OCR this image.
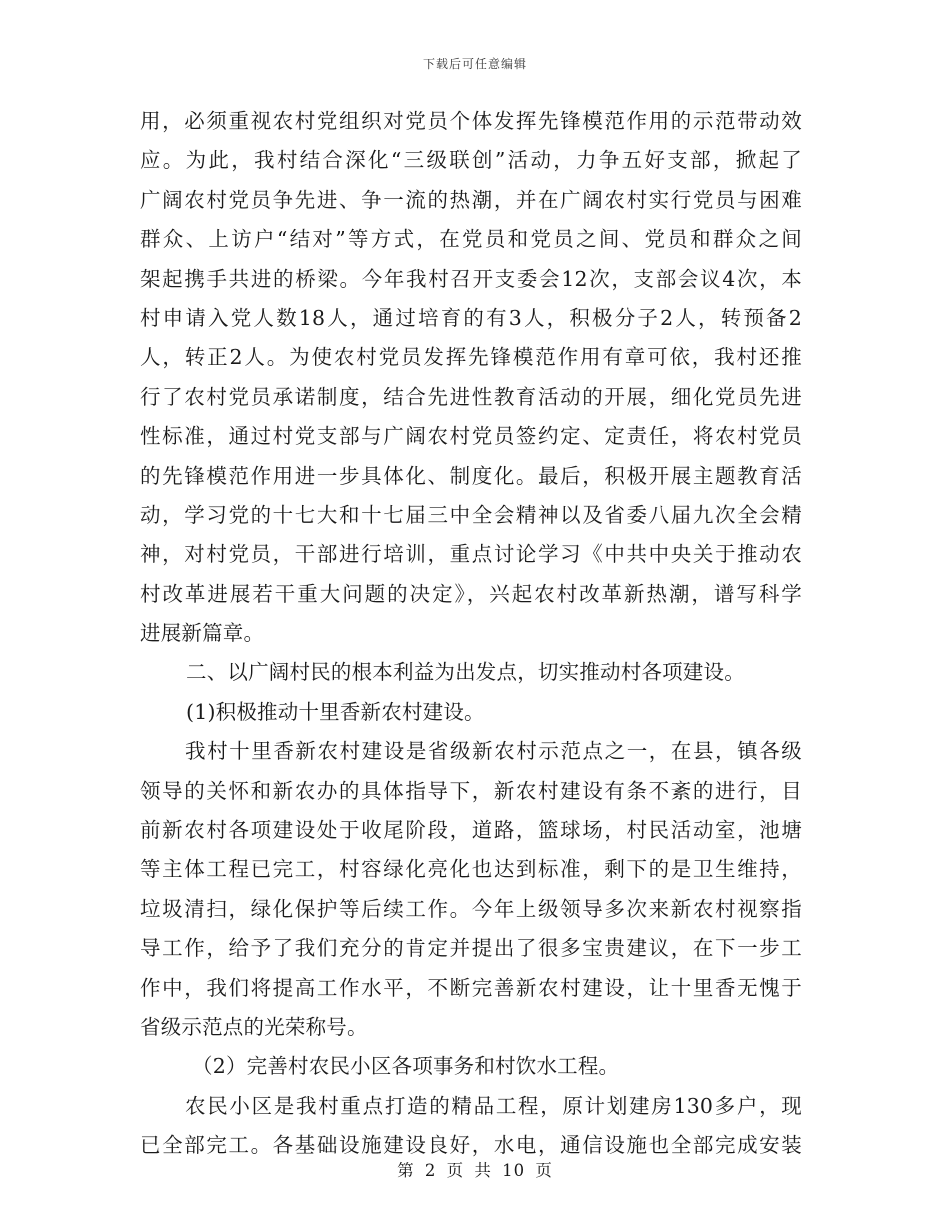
下载后可任意编辑
用，必须重视农村党组织对党员个体发挥先锋模范作用的示范带动效
应。为此，我村结合深化“三级联创”活动，力争五好支部，掀起了
广阔农村党员争先进、争一流的热潮，并在广阔农村实行党员与困难
群众、上访户“结对”等方式，在党员和党员之间、党员和群众之间
架起携手共进的桥梁。今年我村召开支委会12次，支部会议4次，本
村申请入党人数18人，通过培育的有3人，积极分子2人，转预备2
人，转正2人。为使农村党员发挥先锋模范作用有章可依，我村还推
行了农村党员承诺制度，结合先进性教育活动的开展，细化党员先进
性标准，通过村党支部与广阔农村党员签约定、定责任，将农村党员
的先锋模范作用进一步具体化、制度化。最后，积极开展主题教育活
动，学习党的十七大和十七届三中全会精神以及省委八届九次全会精
神，对村党员，干部进行培训，重点讨论学习《中共中央关于推动农
村改革进展若干重大问题的决定》，兴起农村改革新热潮，谱写科学
进展新篇章。
二、以广阔村民的根本利益为出发点，切实推动村各项建设。
(1)积极推动十里香新农村建设。
我村十里香新农村建设是省级新农村示范点之一，在县，镇各级
领导的关怀和新农办的具体指导下，新农村建设有条不紊的进行，目
前新农村各项建设处于收尾阶段，道路，篮球场，村民活动室，池塘
等主体工程已完工，村容绿化亮化也达到标准，剩下的是卫生维持，
垃圾清扫，绿化保护等后续工作。今年上级领导多次来新农村视察指
导工作，给予了我们充分的肯定并提出了很多宝贵建议，在下一步工
作中，我们将提高工作水平，不断完善新农村建设，让十里香无愧于
省级示范点的光荣称号。
（2）完善村农民小区各项事务和村饮水工程。
农民小区是我村重点打造的精品工程，原计划建房130多户，现
已全部完工。各基础设施建设良好，水电，通信设施也全部完成安装
第 2 页 共 10 页
